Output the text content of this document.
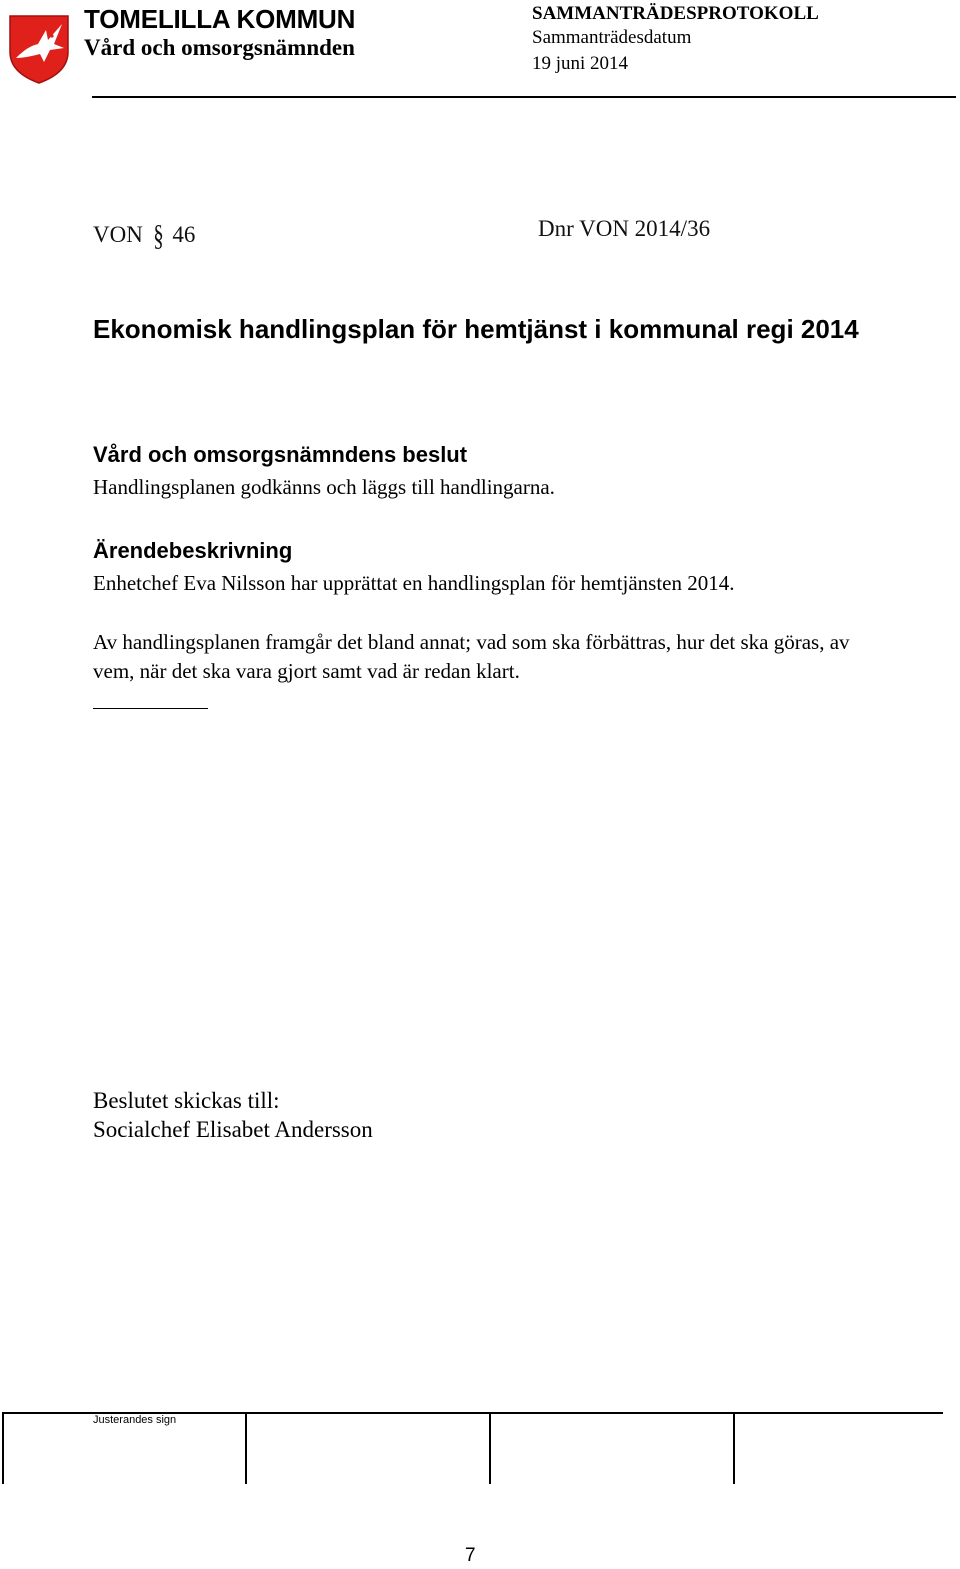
TOMELILLA KOMMUN
Vård och omsorgsnämnden
SAMMANTRÄDESPROTOKOLL
Sammanträdesdatum
19 juni 2014
VON § 46	Dnr VON 2014/36
Ekonomisk handlingsplan för hemtjänst i kommunal regi 2014
Vård och omsorgsnämndens beslut
Handlingsplanen godkänns och läggs till handlingarna.
Ärendebeskrivning
Enhetchef Eva Nilsson har upprättat en handlingsplan för hemtjänsten 2014.
Av handlingsplanen framgår det bland annat; vad som ska förbättras, hur det ska göras, av vem, när det ska vara gjort samt vad är redan klart.
Beslutet skickas till:
Socialchef Elisabet Andersson
Justerandes sign
7
